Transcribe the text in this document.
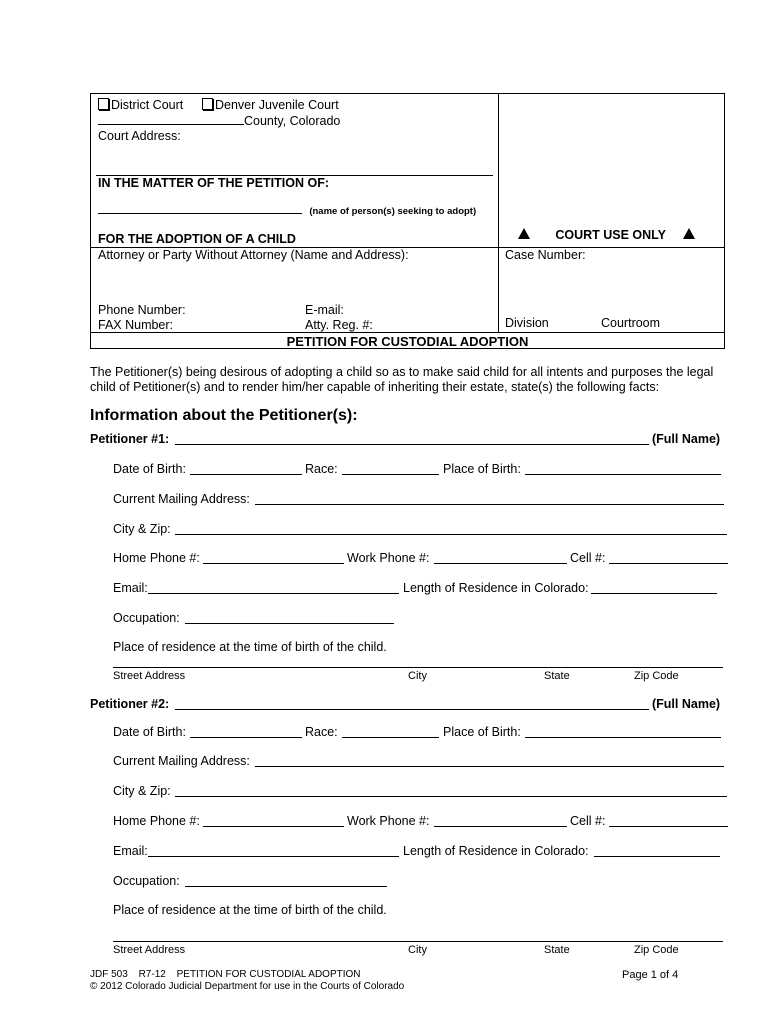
District Court	Denver Juvenile Court
County, Colorado
Court Address:
IN THE MATTER OF THE PETITION OF:
(name of person(s) seeking to adopt)
FOR THE ADOPTION OF A CHILD	COURT USE ONLY
Attorney or Party Without Attorney (Name and Address):
Phone Number:	E-mail:
FAX Number:	Atty. Reg. #:
Case Number:
Division	Courtroom
PETITION FOR CUSTODIAL ADOPTION
The Petitioner(s) being desirous of adopting a child so as to make said child for all intents and purposes the legal
child of Petitioner(s) and to render him/her capable of inheriting their estate, state(s) the following facts:
Information about the Petitioner(s):
Petitioner #1:	(Full Name)
Date of Birth:	Race:	Place of Birth:
Current Mailing Address:
City & Zip:
Home Phone #:	Work Phone #:	Cell #:
Email:	Length of Residence in Colorado:
Occupation:
Place of residence at the time of birth of the child.
Street Address	City	State	Zip Code
Petitioner #2:	(Full Name)
Date of Birth:	Race:	Place of Birth:
Current Mailing Address:
City & Zip:
Home Phone #:	Work Phone #:	Cell #:
Email:	Length of Residence in Colorado:
Occupation:
Place of residence at the time of birth of the child.
Street Address	City	State	Zip Code
JDF 503 R7-12 PETITION FOR CUSTODIAL ADOPTION	Page 1 of 4
© 2012 Colorado Judicial Department for use in the Courts of Colorado
